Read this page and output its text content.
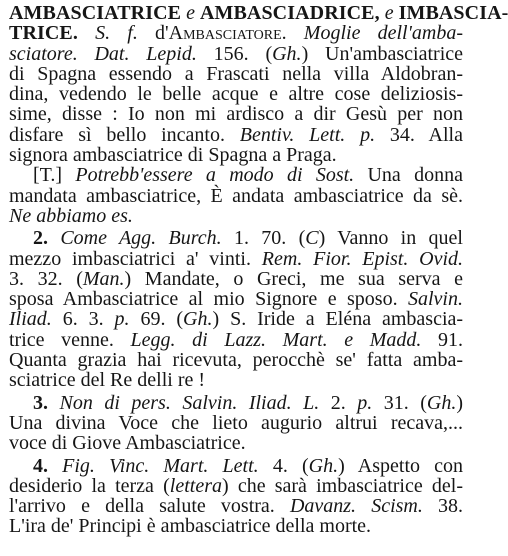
AMBASCIATRICE e AMBASCIADRICE, e IMBASCIA-
TRICE. S. f. d'Ambasciatore. Moglie dell'amba-
sciatore. Dat. Lepid. 156. (Gh.) Un'ambasciatrice
di Spagna essendo a Frascati nella villa Aldobran-
dina, vedendo le belle acque e altre cose deliziosis-
sime, disse : Io non mi ardisco a dir Gesù per non
disfare sì bello incanto. Bentiv. Lett. p. 34. Alla
signora ambasciatrice di Spagna a Praga.
[T.] Potrebb'essere a modo di Sost. Una donna
mandata ambasciatrice, È andata ambasciatrice da sè.
Ne abbiamo es.
2. Come Agg. Burch. 1. 70. (C) Vanno in quel
mezzo imbasciatrici a' vinti. Rem. Fior. Epist. Ovid.
3. 32. (Man.) Mandate, o Greci, me sua serva e
sposa Ambasciatrice al mio Signore e sposo. Salvin.
Iliad. 6. 3. p. 69. (Gh.) S. Iride a Eléna ambascia-
trice venne. Legg. di Lazz. Mart. e Madd. 91.
Quanta grazia hai ricevuta, perocchè se' fatta amba-
sciatrice del Re delli re !
3. Non di pers. Salvin. Iliad. L. 2. p. 31. (Gh.)
Una divina Voce che lieto augurio altrui recava,...
voce di Giove Ambasciatrice.
4. Fig. Vinc. Mart. Lett. 4. (Gh.) Aspetto con
desiderio la terza (lettera) che sarà imbasciatrice del-
l'arrivo e della salute vostra. Davanz. Scism. 38.
L'ira de' Principi è ambasciatrice della morte.
